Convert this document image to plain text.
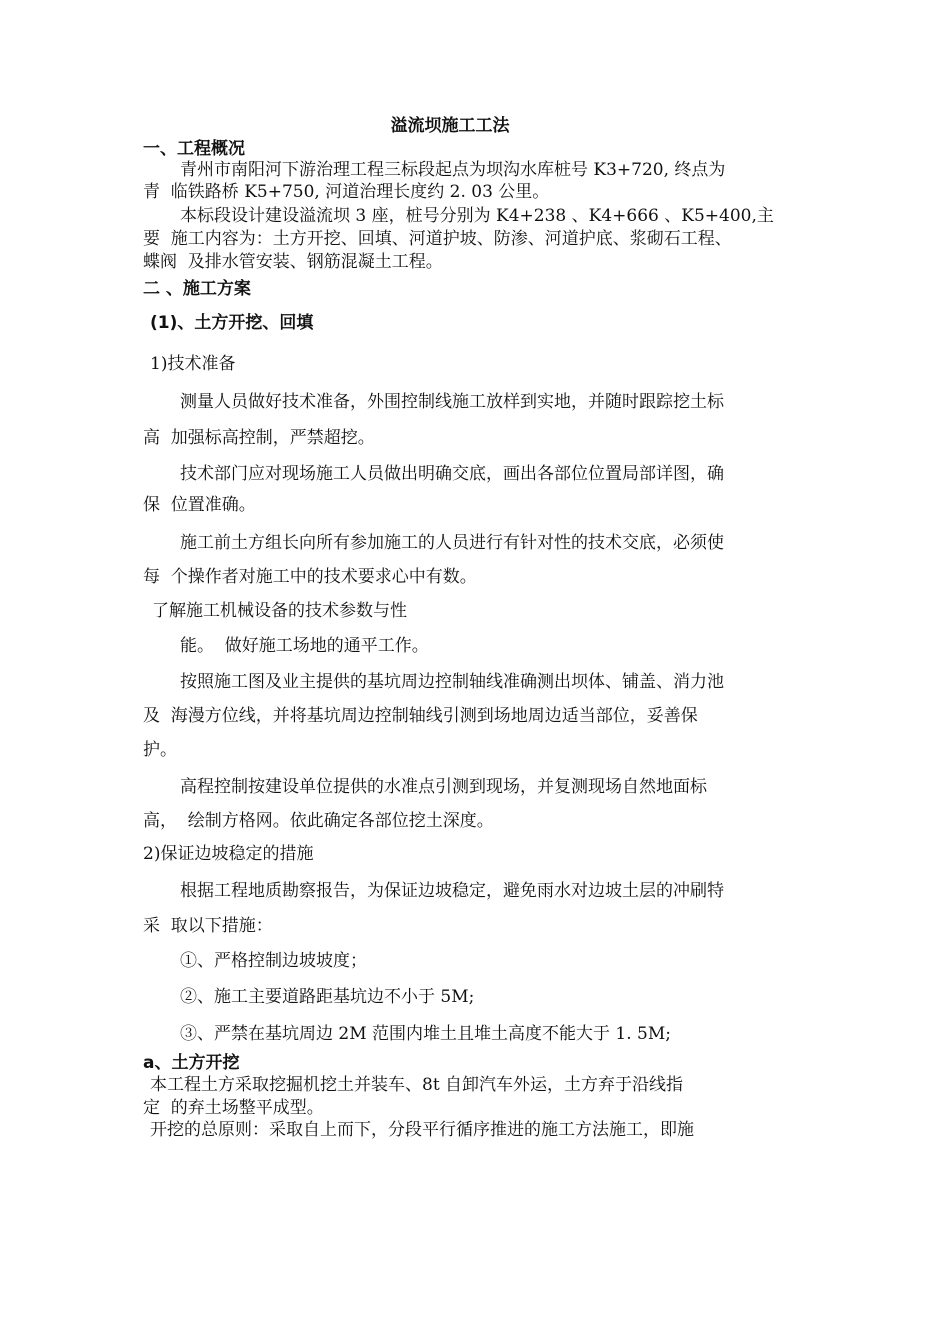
溢流坝施工工法
一、工程概况
青州市南阳河下游治理工程三标段起点为坝沟水库桩号 K3+720, 终点为
青  临铁路桥 K5+750, 河道治理长度约 2. 03 公里。
本标段设计建设溢流坝 3 座，桩号分别为 K4+238 、K4+666 、K5+400,主
要  施工内容为：土方开挖、回填、河道护坡、防渗、河道护底、浆砌石工程、
蝶阀  及排水管安装、钢筋混凝土工程。
二 、施工方案
(1)、土方开挖、回填
1)技术准备
测量人员做好技术准备，外围控制线施工放样到实地，并随时跟踪挖土标
高  加强标高控制，严禁超挖。
技术部门应对现场施工人员做出明确交底，画出各部位位置局部详图，确
保  位置准确。
施工前土方组长向所有参加施工的人员进行有针对性的技术交底，必须使
每  个操作者对施工中的技术要求心中有数。
了解施工机械设备的技术参数与性
能。  做好施工场地的通平工作。
按照施工图及业主提供的基坑周边控制轴线准确测出坝体、铺盖、消力池
及  海漫方位线，并将基坑周边控制轴线引测到场地周边适当部位，妥善保
护。
高程控制按建设单位提供的水准点引测到现场，并复测现场自然地面标
高，  绘制方格网。依此确定各部位挖土深度。
2)保证边坡稳定的措施
根据工程地质勘察报告，为保证边坡稳定，避免雨水对边坡土层的冲刷特
采  取以下措施：
①、严格控制边坡坡度；
②、施工主要道路距基坑边不小于 5M;
③、严禁在基坑周边 2M 范围内堆土且堆土高度不能大于 1. 5M;
a、土方开挖
本工程土方采取挖掘机挖土并装车、8t 自卸汽车外运，土方弃于沿线指
定  的弃土场整平成型。
开挖的总原则：采取自上而下，分段平行循序推进的施工方法施工，即施
